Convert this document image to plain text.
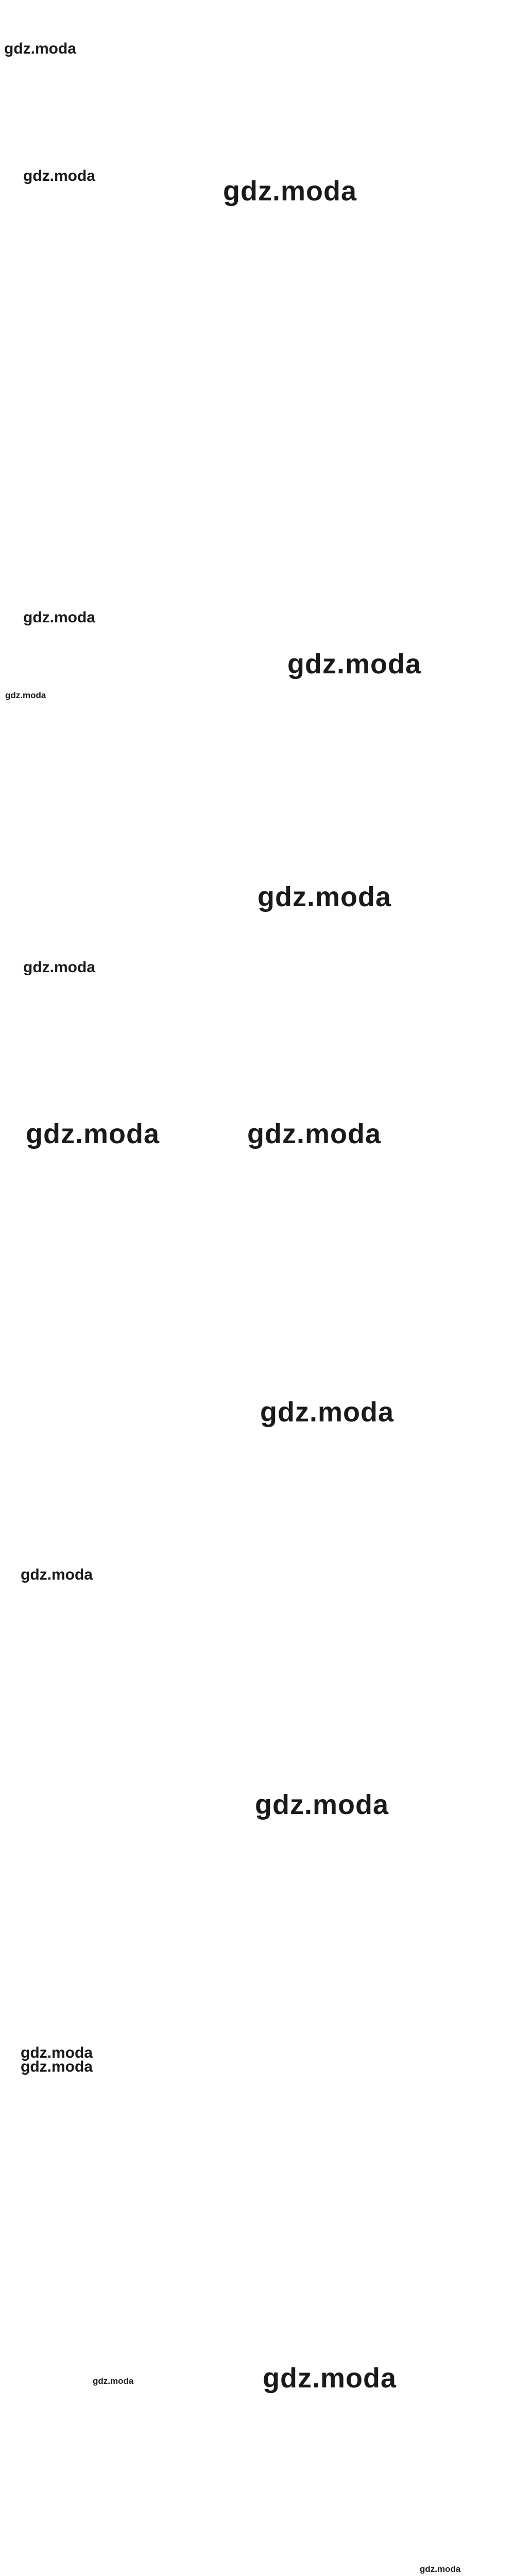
gdz.moda
gdz.moda	gdz.moda
gdz.moda
gdz.moda
gdz.moda
gdz.moda
gdz.moda
gdz.moda	gdz.moda
gdz.moda
gdz.moda
gdz.moda
gdz.moda
gdz.moda
gdz.moda	gdz.moda
gdz.moda
